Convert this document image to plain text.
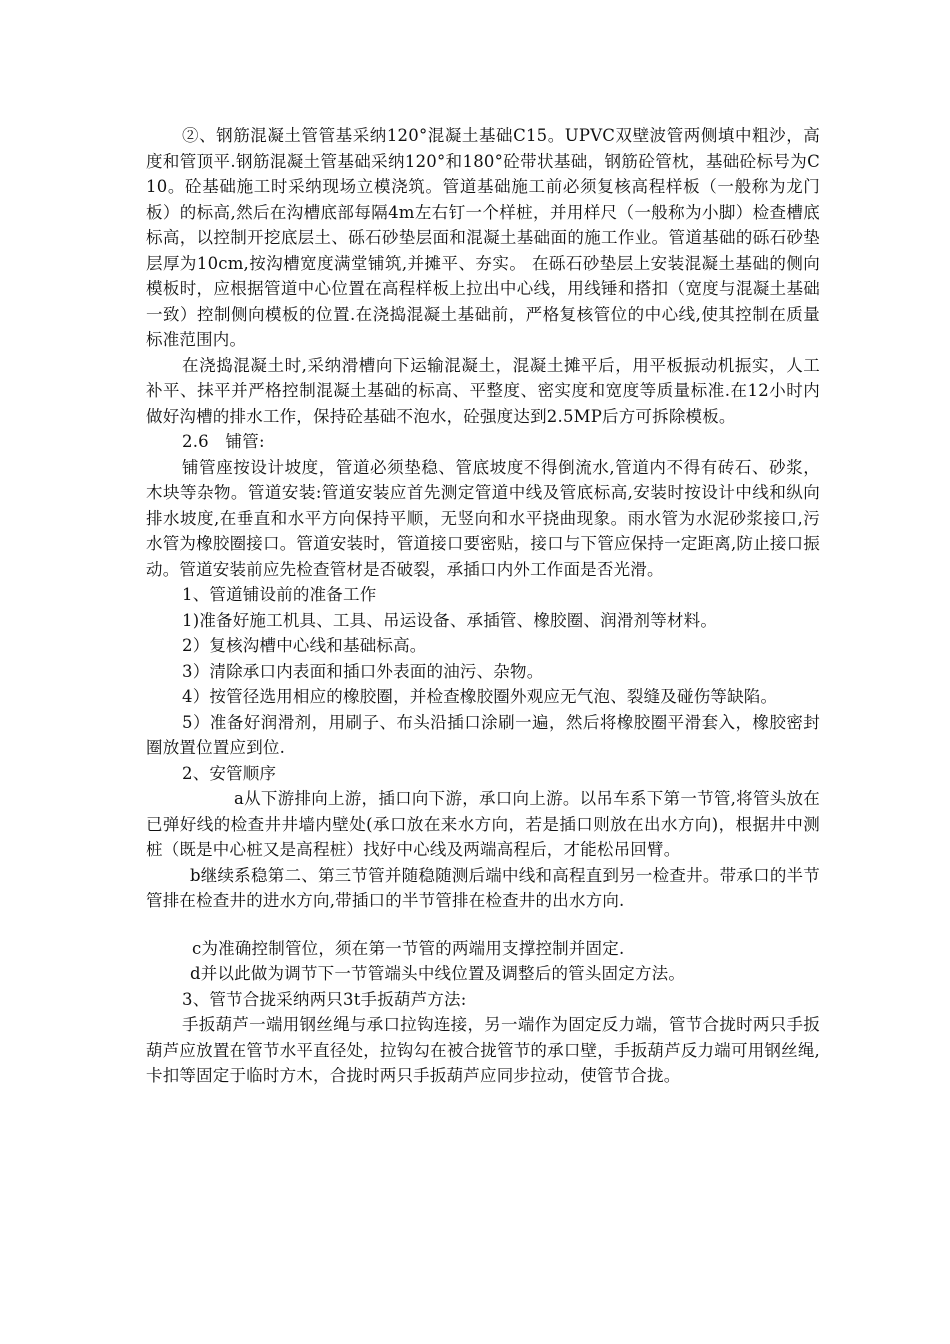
②、钢筋混凝土管管基采纳120°混凝土基础C15。UPVC双壁波管两侧填中粗沙，高度和管顶平.钢筋混凝土管基础采纳120°和180°砼带状基础，钢筋砼管枕，基础砼标号为C 10。砼基础施工时采纳现场立模浇筑。管道基础施工前必须复核高程样板（一般称为龙门板）的标高,然后在沟槽底部每隔4m左右钉一个样桩，并用样尺（一般称为小脚）检查槽底标高，以控制开挖底层土、砾石砂垫层面和混凝土基础面的施工作业。管道基础的砾石砂垫层厚为10cm,按沟槽宽度满堂铺筑,并摊平、夯实。 在砾石砂垫层上安装混凝土基础的侧向模板时，应根据管道中心位置在高程样板上拉出中心线，用线锤和搭扣（宽度与混凝土基础一致）控制侧向模板的位置.在浇捣混凝土基础前，严格复核管位的中心线,使其控制在质量标准范围内。

在浇捣混凝土时,采纳滑槽向下运输混凝土，混凝土摊平后，用平板振动机振实，人工补平、抹平并严格控制混凝土基础的标高、平整度、密实度和宽度等质量标准.在12小时内做好沟槽的排水工作，保持砼基础不泡水，砼强度达到2.5MP后方可拆除模板。

2.6　铺管:

铺管座按设计坡度，管道必须垫稳、管底坡度不得倒流水,管道内不得有砖石、砂浆，木块等杂物。管道安装:管道安装应首先测定管道中线及管底标高,安装时按设计中线和纵向排水坡度,在垂直和水平方向保持平顺，无竖向和水平挠曲现象。雨水管为水泥砂浆接口,污水管为橡胶圈接口。管道安装时，管道接口要密贴，接口与下管应保持一定距离,防止接口振动。管道安装前应先检查管材是否破裂，承插口内外工作面是否光滑。

1、管道铺设前的准备工作

1)准备好施工机具、工具、吊运设备、承插管、橡胶圈、润滑剂等材料。

2）复核沟槽中心线和基础标高。

3）清除承口内表面和插口外表面的油污、杂物。

4）按管径选用相应的橡胶圈，并检查橡胶圈外观应无气泡、裂缝及碰伤等缺陷。

5）准备好润滑剂，用刷子、布头沿插口涂刷一遍，然后将橡胶圈平滑套入，橡胶密封圈放置位置应到位.

2、安管顺序

a从下游排向上游，插口向下游，承口向上游。以吊车系下第一节管,将管头放在已弹好线的检查井井墙内壁处(承口放在来水方向，若是插口则放在出水方向)，根据井中测桩（既是中心桩又是高程桩）找好中心线及两端高程后，才能松吊回臂。

b继续系稳第二、第三节管并随稳随测后端中线和高程直到另一检查井。带承口的半节管排在检查井的进水方向,带插口的半节管排在检查井的出水方向.

c为准确控制管位，须在第一节管的两端用支撑控制并固定.

d并以此做为调节下一节管端头中线位置及调整后的管头固定方法。

3、管节合拢采纳两只3t手扳葫芦方法:

手扳葫芦一端用钢丝绳与承口拉钩连接，另一端作为固定反力端，管节合拢时两只手扳葫芦应放置在管节水平直径处，拉钩勾在被合拢管节的承口壁，手扳葫芦反力端可用钢丝绳,卡扣等固定于临时方木，合拢时两只手扳葫芦应同步拉动，使管节合拢。
